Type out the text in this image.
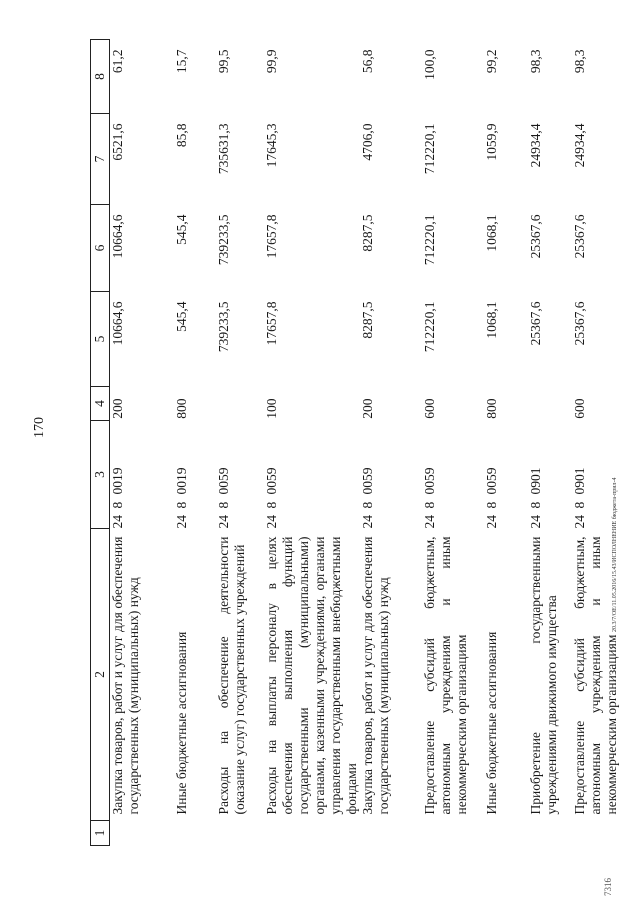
170
20.3/7/ОЕ/11.05.2016/15.43/ИСПОЛНЕНИЕ бюджета-прил-4
7316
1	2	3	4	5	6	7	8
	Закупка товаров, работ и услуг для обеспечения государственных (муниципальных) нужд	2480019	200	10664,6	10664,6	6521,6	61,2
	Иные бюджетные ассигнования	2480019	800	545,4	545,4	85,8	15,7
	Расходы на обеспечение деятельности (оказание услуг) государственных учреждений	2480059		739233,5	739233,5	735631,3	99,5
	Расходы на выплаты персоналу в целях обеспечения выполнения функций государственными (муниципальными) органами, казенными учреждениями, органами управления государственными внебюджетными фондами	2480059	100	17657,8	17657,8	17645,3	99,9
	Закупка товаров, работ и услуг для обеспечения государственных (муниципальных) нужд	2480059	200	8287,5	8287,5	4706,0	56,8
	Предоставление субсидий бюджетным, автономным учреждениям и иным некоммерческим организациям	2480059	600	712220,1	712220,1	712220,1	100,0
	Иные бюджетные ассигнования	2480059	800	1068,1	1068,1	1059,9	99,2
	Приобретение государственными учреждениями движимого имущества	2480901		25367,6	25367,6	24934,4	98,3
	Предоставление субсидий бюджетным, автономным учреждениям и иным некоммерческим организациям	2480901	600	25367,6	25367,6	24934,4	98,3
